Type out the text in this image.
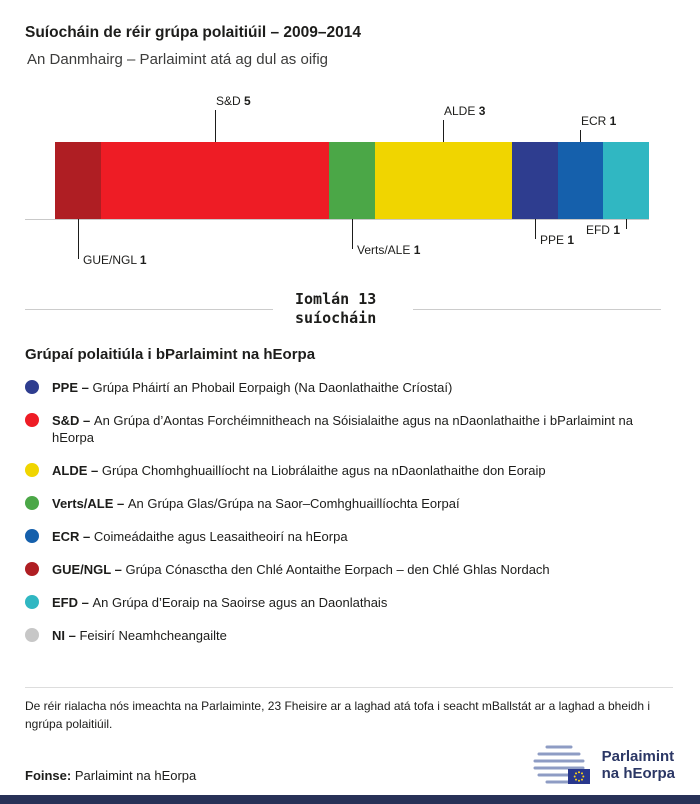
Suíocháin de réir grúpa polaitiúil – 2009–2014

An Danmhairg – Parlaimint atá ag dul as oifig

GUE/NGL 1
S&D 5
Verts/ALE 1
ALDE 3
PPE 1
ECR 1
EFD 1
Iomlán 13 suíocháin
Grúpaí polaitiúla i bParlaimint na hEorpa
PPE – Grúpa Pháirtí an Phobail Eorpaigh (Na Daonlathaithe Críostaí)
S&D – An Grúpa d’Aontas Forchéimnitheach na Sóisialaithe agus na nDaonlathaithe i bParlaimint na hEorpa
ALDE – Grúpa Chomhghuaillíocht na Liobrálaithe agus na nDaonlathaithe don Eoraip
Verts/ALE – An Grúpa Glas/Grúpa na Saor–Comhghuaillíochta Eorpaí
ECR – Coimeádaithe agus Leasaitheoirí na hEorpa
GUE/NGL – Grúpa Cónasctha den Chlé Aontaithe Eorpach – den Chlé Ghlas Nordach
EFD – An Grúpa d’Eoraip na Saoirse agus an Daonlathais
NI – Feisirí Neamhcheangailte

De réir rialacha nós imeachta na Parlaiminte, 23 Fheisire ar a laghad atá tofa i seacht mBallstát ar a laghad a bheidh i ngrúpa polaitiúil.

Foinse: Parlaimint na hEorpa

Parlaimint
na hEorpa
